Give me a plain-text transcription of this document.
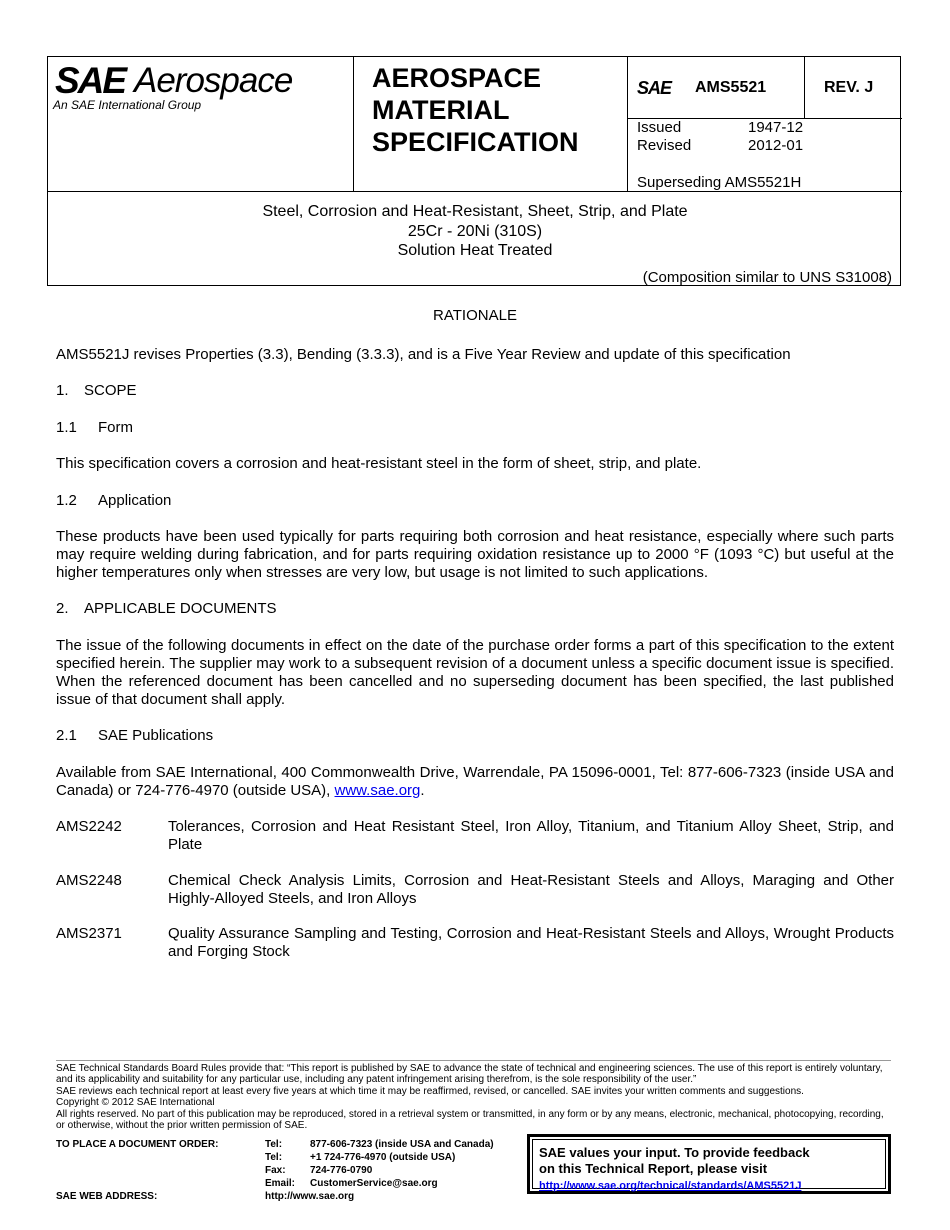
SAE Aerospace
An SAE International Group
AEROSPACE
MATERIAL
SPECIFICATION
SAE AMS5521	REV. J
Issued	1947-12
Revised	2012-01
Superseding AMS5521H
Steel, Corrosion and Heat-Resistant, Sheet, Strip, and Plate
25Cr - 20Ni (310S)
Solution Heat Treated
(Composition similar to UNS S31008)
RATIONALE
AMS5521J revises Properties (3.3), Bending (3.3.3), and is a Five Year Review and update of this specification
1. SCOPE
1.1 Form
This specification covers a corrosion and heat-resistant steel in the form of sheet, strip, and plate.
1.2 Application
These products have been used typically for parts requiring both corrosion and heat resistance, especially where such parts may require welding during fabrication, and for parts requiring oxidation resistance up to 2000 °F (1093 °C) but useful at the higher temperatures only when stresses are very low, but usage is not limited to such applications.
2. APPLICABLE DOCUMENTS
The issue of the following documents in effect on the date of the purchase order forms a part of this specification to the extent specified herein. The supplier may work to a subsequent revision of a document unless a specific document issue is specified. When the referenced document has been cancelled and no superseding document has been specified, the last published issue of that document shall apply.
2.1 SAE Publications
Available from SAE International, 400 Commonwealth Drive, Warrendale, PA 15096-0001, Tel: 877-606-7323 (inside USA and Canada) or 724-776-4970 (outside USA), www.sae.org.
AMS2242	Tolerances, Corrosion and Heat Resistant Steel, Iron Alloy, Titanium, and Titanium Alloy Sheet, Strip, and Plate
AMS2248	Chemical Check Analysis Limits, Corrosion and Heat-Resistant Steels and Alloys, Maraging and Other Highly-Alloyed Steels, and Iron Alloys
AMS2371	Quality Assurance Sampling and Testing, Corrosion and Heat-Resistant Steels and Alloys, Wrought Products and Forging Stock
SAE Technical Standards Board Rules provide that: “This report is published by SAE to advance the state of technical and engineering sciences. The use of this report is entirely voluntary, and its applicability and suitability for any particular use, including any patent infringement arising therefrom, is the sole responsibility of the user.”
SAE reviews each technical report at least every five years at which time it may be reaffirmed, revised, or cancelled. SAE invites your written comments and suggestions.
Copyright © 2012 SAE International
All rights reserved. No part of this publication may be reproduced, stored in a retrieval system or transmitted, in any form or by any means, electronic, mechanical, photocopying, recording, or otherwise, without the prior written permission of SAE.
TO PLACE A DOCUMENT ORDER:	Tel:	877-606-7323 (inside USA and Canada)
Tel:	+1 724-776-4970 (outside USA)
Fax: 724-776-0790
Email: CustomerService@sae.org
SAE WEB ADDRESS:	http://www.sae.org
SAE values your input. To provide feedback
on this Technical Report, please visit
http://www.sae.org/technical/standards/AMS5521J
